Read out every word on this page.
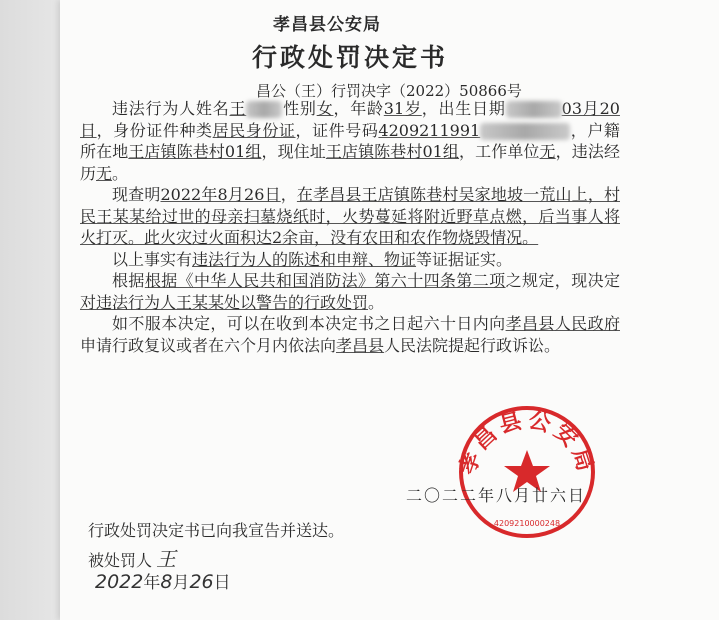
孝昌县公安局
行政处罚决定书
昌公（王）行罚决字（2022）50866号

违法行为人姓名王 性别女，年龄31岁，出生日期	03月20日，身份证件种类居民身份证，证件号码4209211991	，户籍所在地王店镇陈巷村01组，现住址王店镇陈巷村01组，工作单位无，违法经历无。

现查明2022年8月26日，在孝昌县王店镇陈巷村吴家地坡一荒山上，村民王某某给过世的母亲扫墓烧纸时，火势蔓延将附近野草点燃，后当事人将火打灭。此火灾过火面积达2余亩，没有农田和农作物烧毁情况。

以上事实有违法行为人的陈述和申辩、物证等证据证实。

根据根据《中华人民共和国消防法》第六十四条第二项之规定，现决定对违法行为人王某某处以警告的行政处罚。

如不服本决定，可以在收到本决定书之日起六十日内向孝昌县人民政府申请行政复议或者在六个月内依法向孝昌县人民法院提起行政诉讼。

孝昌县公安局
4209210000248
二〇二二年八月廿六日
行政处罚决定书已向我宣告并送达。
被处罚人 王
2022年8月26日
